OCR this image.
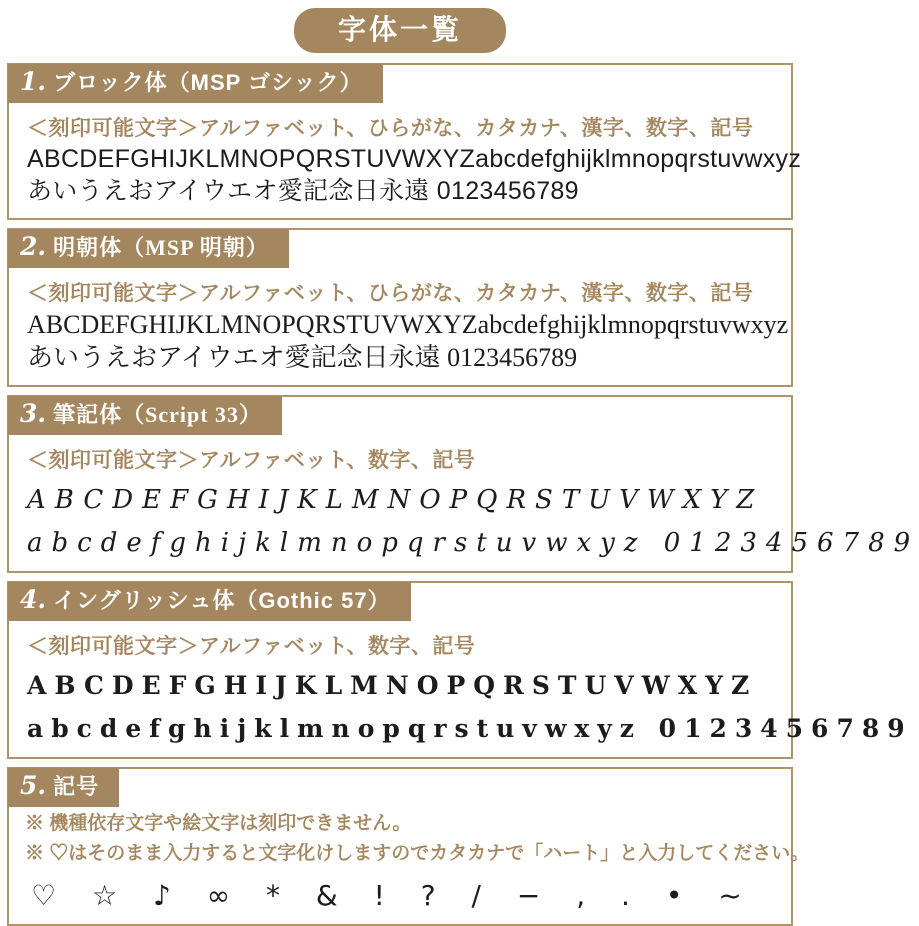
字体一覧
1. ブロック体（MSP ゴシック）
＜刻印可能文字＞アルファベット、ひらがな、カタカナ、漢字、数字、記号
ABCDEFGHIJKLMNOPQRSTUVWXYZabcdefghijklmnopqrstuvwxyz
あいうえおアイウエオ愛記念日永遠 0123456789
2. 明朝体（MSP 明朝）
＜刻印可能文字＞アルファベット、ひらがな、カタカナ、漢字、数字、記号
ABCDEFGHIJKLMNOPQRSTUVWXYZabcdefghijklmnopqrstuvwxyz
あいうえおアイウエオ愛記念日永遠 0123456789
3. 筆記体（Script 33）
＜刻印可能文字＞アルファベット、数字、記号
ABCDEFGHIJKLMNOPQRSTUVWXYZ
abcdefghijklmnopqrstuvwxyz 0123456789
4. イングリッシュ体（Gothic 57）
＜刻印可能文字＞アルファベット、数字、記号
ABCDEFGHIJKLMNOPQRSTUVWXYZ
abcdefghijklmnopqrstuvwxyz 0123456789
5. 記号
※ 機種依存文字や絵文字は刻印できません。
※ ♡はそのまま入力すると文字化けしますのでカタカナで「ハート」と入力してください。
♡ ☆ ♪ ∞ * & ! ? / − , . • ~
